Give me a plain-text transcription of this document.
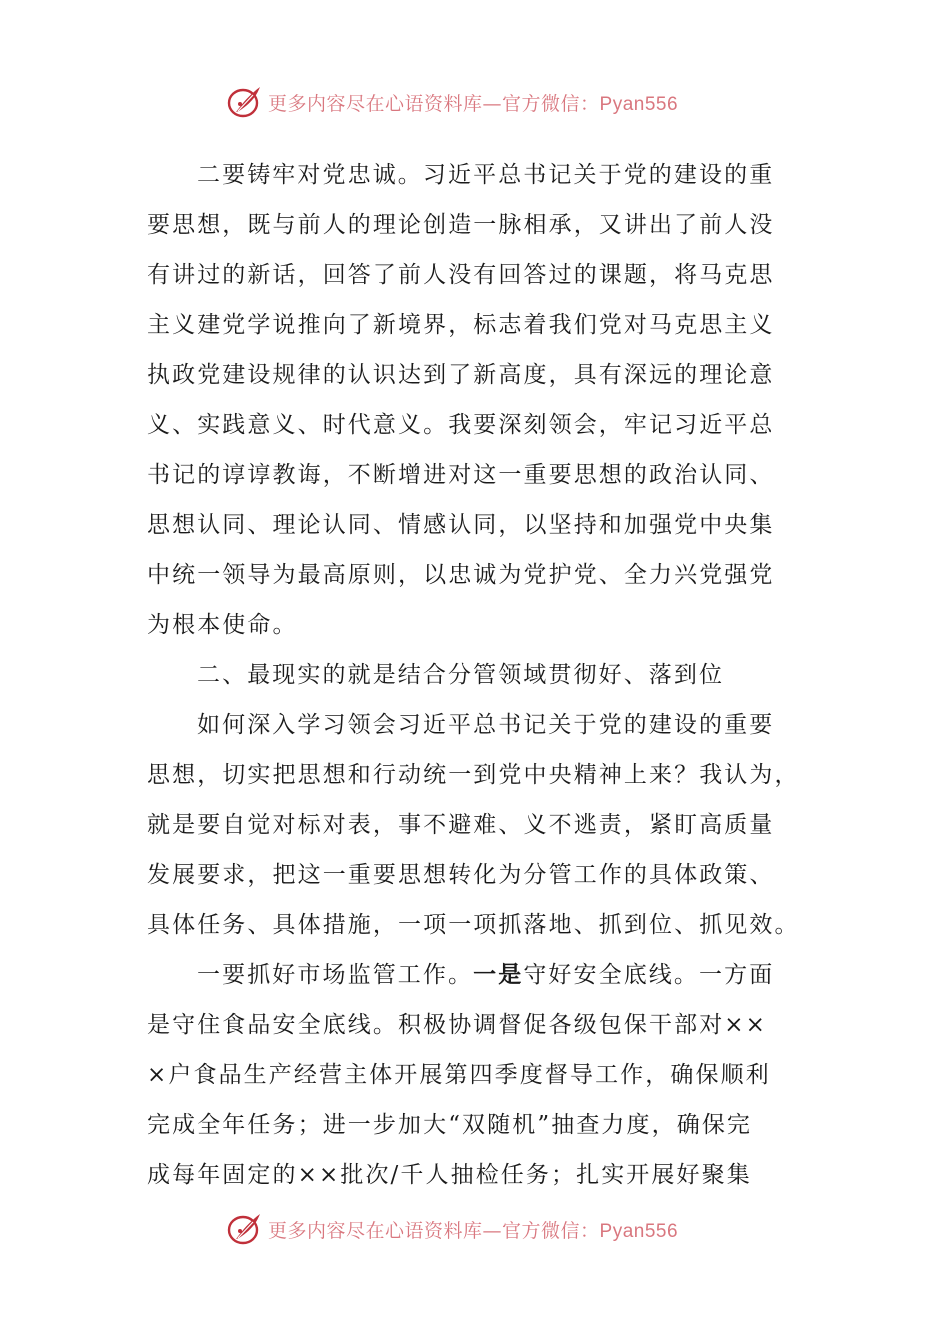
更多内容尽在心语资料库—官方微信：Pyan556
二要铸牢对党忠诚。习近平总书记关于党的建设的重
要思想，既与前人的理论创造一脉相承，又讲出了前人没
有讲过的新话，回答了前人没有回答过的课题，将马克思
主义建党学说推向了新境界，标志着我们党对马克思主义
执政党建设规律的认识达到了新高度，具有深远的理论意
义、实践意义、时代意义。我要深刻领会，牢记习近平总
书记的谆谆教诲，不断增进对这一重要思想的政治认同、
思想认同、理论认同、情感认同，以坚持和加强党中央集
中统一领导为最高原则，以忠诚为党护党、全力兴党强党
为根本使命。
二、最现实的就是结合分管领域贯彻好、落到位
如何深入学习领会习近平总书记关于党的建设的重要
思想，切实把思想和行动统一到党中央精神上来？我认为，
就是要自觉对标对表，事不避难、义不逃责，紧盯高质量
发展要求，把这一重要思想转化为分管工作的具体政策、
具体任务、具体措施，一项一项抓落地、抓到位、抓见效。
一要抓好市场监管工作。一是守好安全底线。一方面
是守住食品安全底线。积极协调督促各级包保干部对××
×户食品生产经营主体开展第四季度督导工作，确保顺利
完成全年任务；进一步加大“双随机”抽查力度，确保完
成每年固定的××批次/千人抽检任务；扎实开展好聚集
更多内容尽在心语资料库—官方微信：Pyan556
